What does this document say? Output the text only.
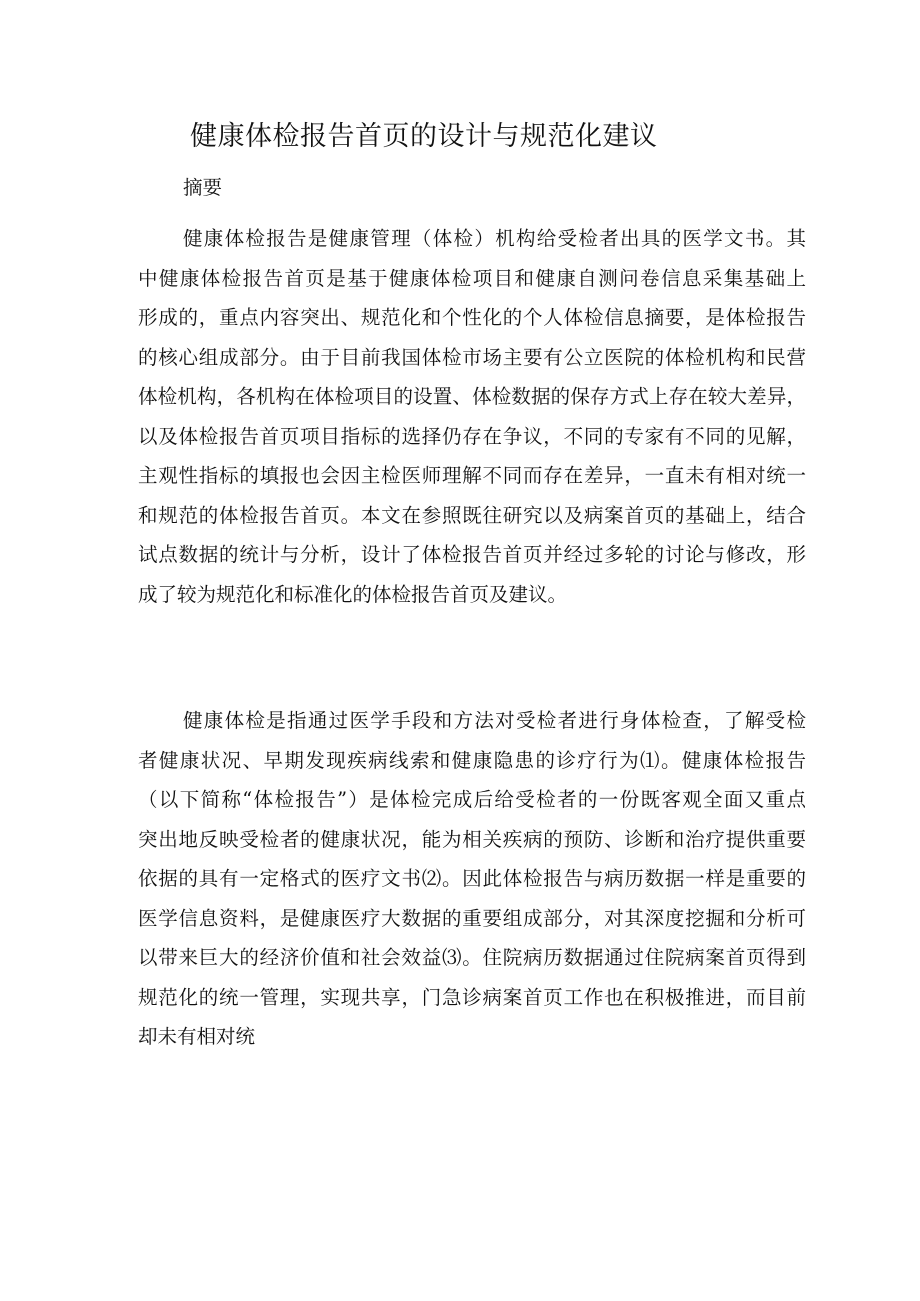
健康体检报告首页的设计与规范化建议
摘要
健康体检报告是健康管理（体检）机构给受检者出具的医学文书。其
中健康体检报告首页是基于健康体检项目和健康自测问卷信息采集基础上
形成的，重点内容突出、规范化和个性化的个人体检信息摘要，是体检报告
的核心组成部分。由于目前我国体检市场主要有公立医院的体检机构和民营
体检机构，各机构在体检项目的设置、体检数据的保存方式上存在较大差异，
以及体检报告首页项目指标的选择仍存在争议，不同的专家有不同的见解，
主观性指标的填报也会因主检医师理解不同而存在差异，一直未有相对统一
和规范的体检报告首页。本文在参照既往研究以及病案首页的基础上，结合
试点数据的统计与分析，设计了体检报告首页并经过多轮的讨论与修改，形
成了较为规范化和标准化的体检报告首页及建议。
健康体检是指通过医学手段和方法对受检者进行身体检查，了解受检
者健康状况、早期发现疾病线索和健康隐患的诊疗行为⑴。健康体检报告
（以下简称“体检报告”）是体检完成后给受检者的一份既客观全面又重点
突出地反映受检者的健康状况，能为相关疾病的预防、诊断和治疗提供重要
依据的具有一定格式的医疗文书⑵。因此体检报告与病历数据一样是重要的
医学信息资料，是健康医疗大数据的重要组成部分，对其深度挖掘和分析可
以带来巨大的经济价值和社会效益⑶。住院病历数据通过住院病案首页得到
规范化的统一管理，实现共享，门急诊病案首页工作也在积极推进，而目前
却未有相对统
